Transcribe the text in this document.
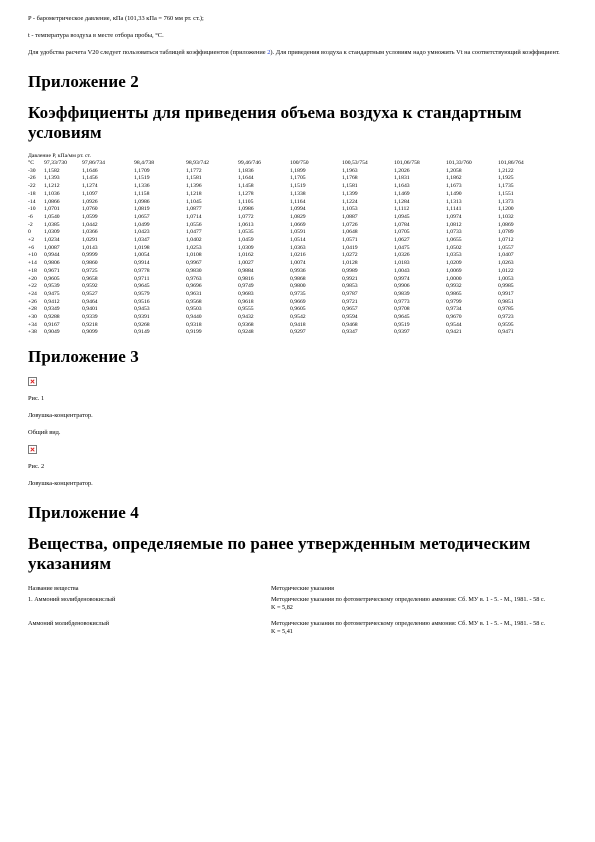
P - барометрическое давление, кПа (101,33 кПа = 760 мм рт. ст.);

t - температура воздуха в месте отбора пробы, °С.

Для удобства расчета V20 следует пользоваться таблицей коэффициентов (приложение 2). Для приведения воздуха к стандартным условиям надо умножить Vt на соответствующий коэффициент.

Приложение 2
Коэффициенты для приведения объема воздуха к стандартным условиям

Давление Р, кПа/мм рт. ст.

°С	97,33/730	97,86/734	98,4/738	98,93/742	99,46/746	100/750	100,53/754	101,06/758	101,33/760	101,86/764
-30	1,1582	1,1646	1,1709	1,1772	1,1836	1,1899	1,1963	1,2026	1,2058	1,2122
-26	1,1393	1,1456	1,1519	1,1581	1,1644	1,1705	1,1768	1,1831	1,1862	1,1925
-22	1,1212	1,1274	1,1336	1,1396	1,1458	1,1519	1,1581	1,1643	1,1673	1,1735
-18	1,1036	1,1097	1,1158	1,1218	1,1278	1,1338	1,1399	1,1469	1,1490	1,1551
-14	1,0866	1,0926	1,0986	1,1045	1,1105	1,1164	1,1224	1,1284	1,1313	1,1373
-10	1,0701	1,0760	1,0819	1,0877	1,0986	1,0994	1,1053	1,1112	1,1141	1,1200
-6	1,0540	1,0599	1,0657	1,0714	1,0772	1,0829	1,0887	1,0945	1,0974	1,1032
-2	1,0385	1,0442	1,0499	1,0556	1,0613	1,0669	1,0726	1,0784	1,0812	1,0869
0	1,0309	1,0366	1,0423	1,0477	1,0535	1,0591	1,0648	1,0705	1,0733	1,0789
+2	1,0234	1,0291	1,0347	1,0402	1,0459	1,0514	1,0571	1,0627	1,0655	1,0712
+6	1,0087	1,0143	1,0198	1,0253	1,0309	1,0363	1,0419	1,0475	1,0502	1,0557
+10	0,9944	0,9999	1,0054	1,0108	1,0162	1,0216	1,0272	1,0326	1,0353	1,0407
+14	0,9806	0,9860	0,9914	0,9967	1,0027	1,0074	1,0128	1,0183	1,0209	1,0263
+18	0,9671	0,9725	0,9778	0,9830	0,9884	0,9936	0,9989	1,0043	1,0069	1,0122
+20	0,9605	0,9658	0,9711	0,9763	0,9816	0,9868	0,9921	0,9974	1,0000	1,0053
+22	0,9539	0,9592	0,9645	0,9696	0,9749	0,9800	0,9853	0,9906	0,9932	0,9985
+24	0,9475	0,9527	0,9579	0,9631	0,9683	0,9735	0,9787	0,9839	0,9865	0,9917
+26	0,9412	0,9464	0,9516	0,9568	0,9618	0,9669	0,9721	0,9773	0,9799	0,9851
+28	0,9349	0,9401	0,9453	0,9503	0,9555	0,9605	0,9657	0,9708	0,9734	0,9785
+30	0,9288	0,9339	0,9391	0,9440	0,9432	0,9542	0,9594	0,9645	0,9670	0,9723
+34	0,9167	0,9218	0,9268	0,9318	0,9368	0,9418	0,9468	0,9519	0,9544	0,9595
+38	0,9049	0,9099	0,9149	0,9199	0,9248	0,9297	0,9347	0,9397	0,9421	0,9471
Приложение 3

Рис. 1

Ловушка-концентратор.

Общий вид.

Рис. 2

Ловушка-концентратор.

Приложение 4
Вещества, определяемые по ранее утвержденным методическим указаниям
Название вещества	Методические указания

1. Аммоний молибденовокислый	Методические указания по фотометрическому определению аммония: Сб. МУ в. 1 - 5. - М., 1981. - 58 с.
K = 5,82

Аммоний молибденовокислый	Методические указания по фотометрическому определению аммония: Сб. МУ в. 1 - 5. - М., 1981. - 58 с.
K = 5,41
